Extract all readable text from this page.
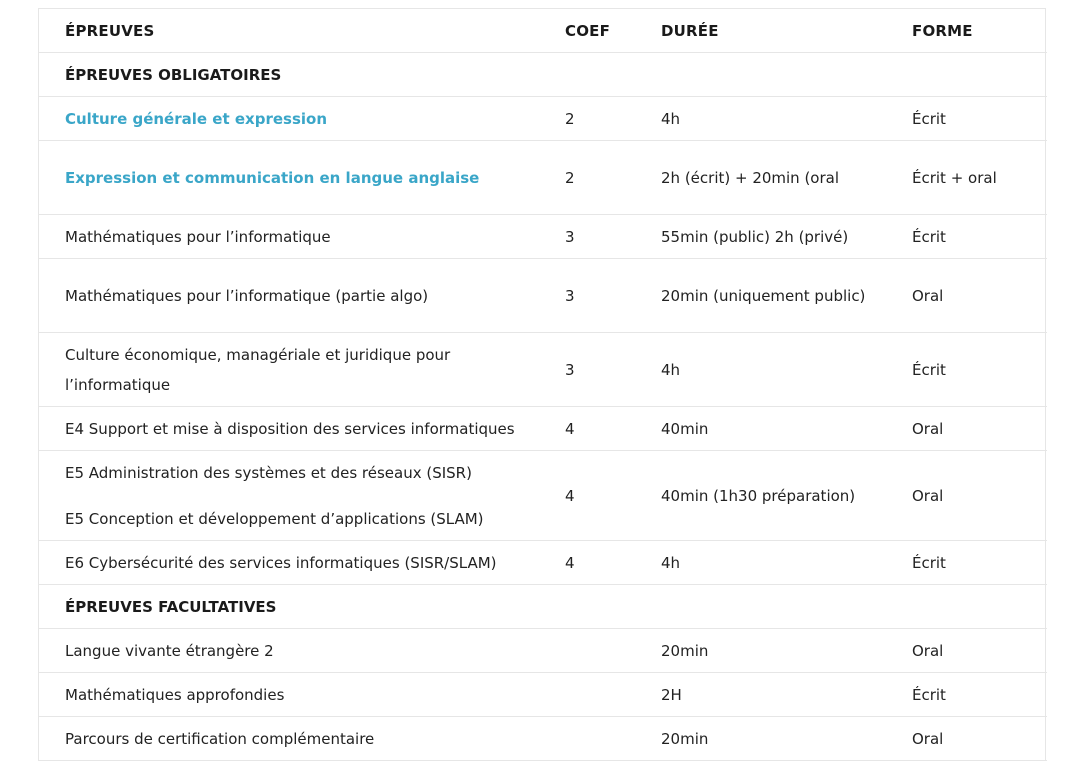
ÉPREUVES	COEF	DURÉE	FORME
ÉPREUVES OBLIGATOIRES			
Culture générale et expression	2	4h	Écrit
Expression et communication en langue anglaise	2	2h (écrit) + 20min (oral	Écrit + oral
Mathématiques pour l’informatique	3	55min (public) 2h (privé)	Écrit
Mathématiques pour l’informatique (partie algo)	3	20min (uniquement public)	Oral
Culture économique, managériale et juridique pour l’informatique	3	4h	Écrit
E4 Support et mise à disposition des services informatiques	4	40min	Oral

E5 Administration des systèmes et des réseaux (SISR)
E5 Conception et développement d’applications (SLAM)	4	40min (1h30 préparation)	Oral
E6 Cybersécurité des services informatiques (SISR/SLAM)	4	4h	Écrit
ÉPREUVES FACULTATIVES			
Langue vivante étrangère 2		20min	Oral
Mathématiques approfondies		2H	Écrit
Parcours de certification complémentaire		20min	Oral
